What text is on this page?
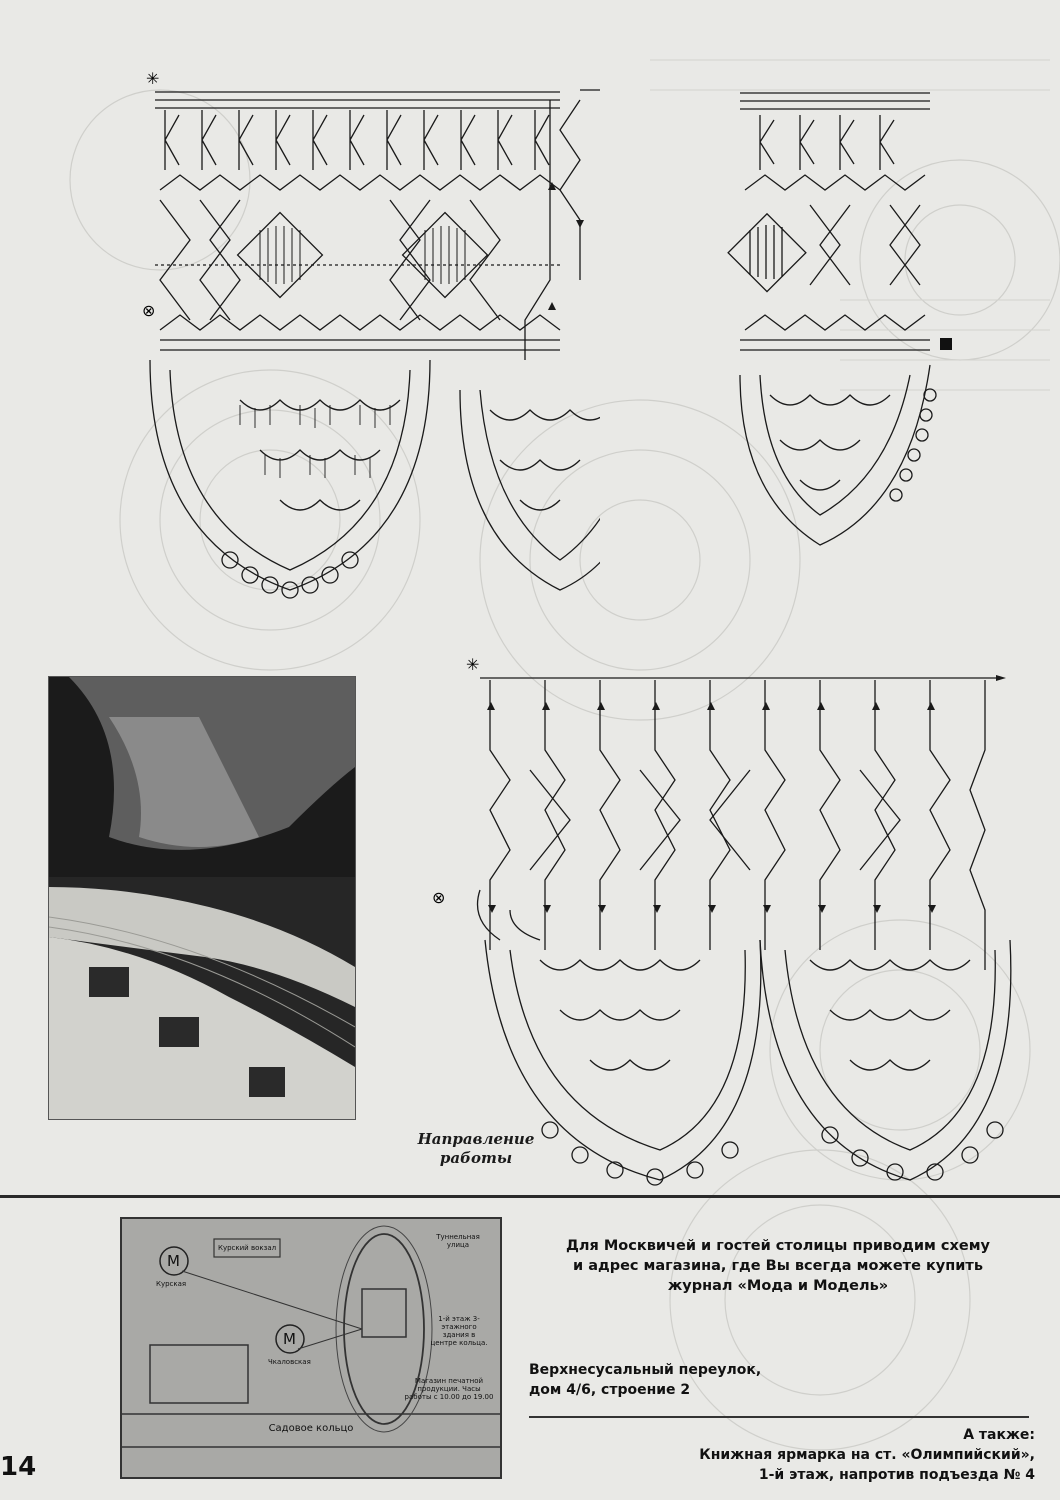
✳
⊗
✳
⊗
Направление
работы
М
Курская
М
Чкаловская
Курский вокзал
Туннельная улица
1-й этаж 3-этажного здания в центре кольца.
Магазин печатной продукции. Часы работы с 10.00 до 19.00
Садовое кольцо
Для Москвичей и гостей столицы приводим схему
и адрес магазина, где Вы всегда можете купить
журнал «Мода и Модель»
Верхнесусальный переулок,
дом 4/6, строение 2
А также:
Книжная ярмарка на ст. «Олимпийский»,
1-й этаж, напротив подъезда № 4
14
